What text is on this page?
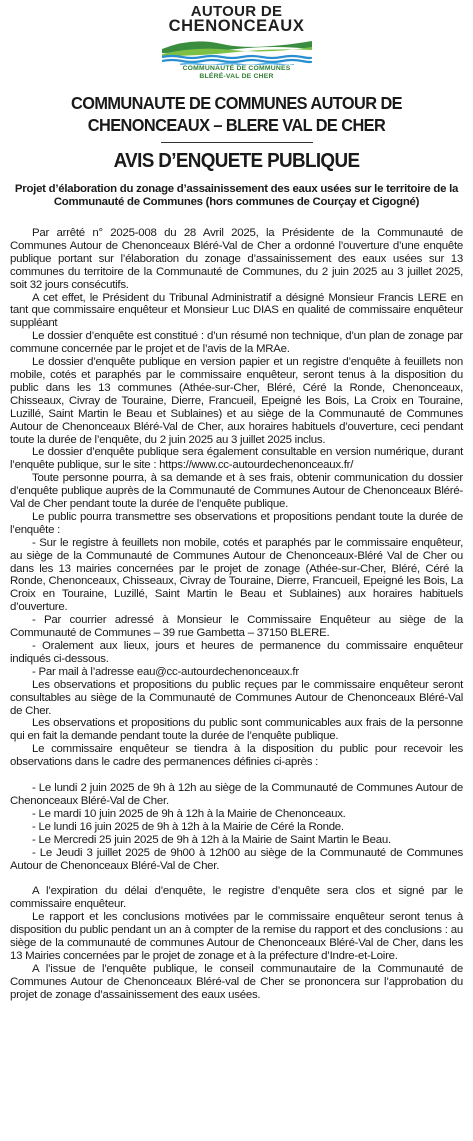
AUTOUR DE
CHENONCEAUX
COMMUNAUTÉ DE COMMUNES
BLÉRÉ-VAL DE CHER
COMMUNAUTE DE COMMUNES AUTOUR DE
CHENONCEAUX – BLERE VAL DE CHER
AVIS D’ENQUETE PUBLIQUE
Projet d’élaboration du zonage d’assainissement des eaux usées sur le territoire de la Communauté de Communes (hors communes de Courçay et Cigogné)

Par arrêté n° 2025-008 du 28 Avril 2025, la Présidente de la Communauté de Communes Autour de Chenonceaux Bléré-Val de Cher a ordonné l’ouverture d’une enquête publique portant sur l’élaboration du zonage d’assainissement des eaux usées sur 13 communes du territoire de la Communauté de Communes, du 2 juin 2025 au 3 juillet 2025, soit 32 jours consécutifs.

A cet effet, le Président du Tribunal Administratif a désigné Monsieur Francis LERE en tant que commissaire enquêteur et Monsieur Luc DIAS en qualité de commissaire enquêteur suppléant

Le dossier d’enquête est constitué : d’un résumé non technique, d’un plan de zonage par commune concernée par le projet et de l’avis de la MRAe.

Le dossier d’enquête publique en version papier et un registre d’enquête à feuillets non mobile, cotés et paraphés par le commissaire enquêteur, seront tenus à la disposition du public dans les 13 communes (Athée-sur-Cher, Bléré, Céré la Ronde, Chenonceaux, Chisseaux, Civray de Touraine, Dierre, Francueil, Epeigné les Bois, La Croix en Touraine, Luzillé, Saint Martin le Beau et Sublaines) et au siège de la Communauté de Communes Autour de Chenonceaux Bléré-Val de Cher, aux horaires habituels d’ouverture, ceci pendant toute la durée de l’enquête, du 2 juin 2025 au 3 juillet 2025 inclus.

Le dossier d’enquête publique sera également consultable en version numérique, durant l’enquête publique, sur le site : https://www.cc-autourdechenonceaux.fr/

Toute personne pourra, à sa demande et à ses frais, obtenir communication du dossier d’enquête publique auprès de la Communauté de Communes Autour de Chenonceaux Bléré-Val de Cher pendant toute la durée de l’enquête publique.

Le public pourra transmettre ses observations et propositions pendant toute la durée de l’enquête :

- Sur le registre à feuillets non mobile, cotés et paraphés par le commissaire enquêteur, au siège de la Communauté de Communes Autour de Chenonceaux-Bléré Val de Cher ou dans les 13 mairies concernées par le projet de zonage (Athée-sur-Cher, Bléré, Céré la Ronde, Chenonceaux, Chisseaux, Civray de Touraine, Dierre, Francueil, Epeigné les Bois, La Croix en Touraine, Luzillé, Saint Martin le Beau et Sublaines) aux horaires habituels d’ouverture.

- Par courrier adressé à Monsieur le Commissaire Enquêteur au siège de la Communauté de Communes – 39 rue Gambetta – 37150 BLERE.

- Oralement aux lieux, jours et heures de permanence du commissaire enquêteur indiqués ci-dessous.

- Par mail à l’adresse eau@cc-autourdechenonceaux.fr

Les observations et propositions du public reçues par le commissaire enquêteur seront consultables au siège de la Communauté de Communes Autour de Chenonceaux Bléré-Val de Cher.

Les observations et propositions du public sont communicables aux frais de la personne qui en fait la demande pendant toute la durée de l’enquête publique.

Le commissaire enquêteur se tiendra à la disposition du public pour recevoir les observations dans le cadre des permanences définies ci-après :

- Le lundi 2 juin 2025 de 9h à 12h au siège de la Communauté de Communes Autour de Chenonceaux Bléré-Val de Cher.

- Le mardi 10 juin 2025 de 9h à 12h à la Mairie de Chenonceaux.

- Le lundi 16 juin 2025 de 9h à 12h à la Mairie de Céré la Ronde.

- Le Mercredi 25 juin 2025 de 9h à 12h à la Mairie de Saint Martin le Beau.

- Le Jeudi 3 juillet 2025 de 9h00 à 12h00 au siège de la Communauté de Communes Autour de Chenonceaux Bléré-Val de Cher.

A l’expiration du délai d’enquête, le registre d’enquête sera clos et signé par le commissaire enquêteur.

Le rapport et les conclusions motivées par le commissaire enquêteur seront tenus à disposition du public pendant un an à compter de la remise du rapport et des conclusions : au siège de la communauté de communes Autour de Chenonceaux Bléré-Val de Cher, dans les 13 Mairies concernées par le projet de zonage et à la préfecture d’Indre-et-Loire.

A l’issue de l’enquête publique, le conseil communautaire de la Communauté de Communes Autour de Chenonceaux Bléré-val de Cher se prononcera sur l’approbation du projet de zonage d’assainissement des eaux usées.
